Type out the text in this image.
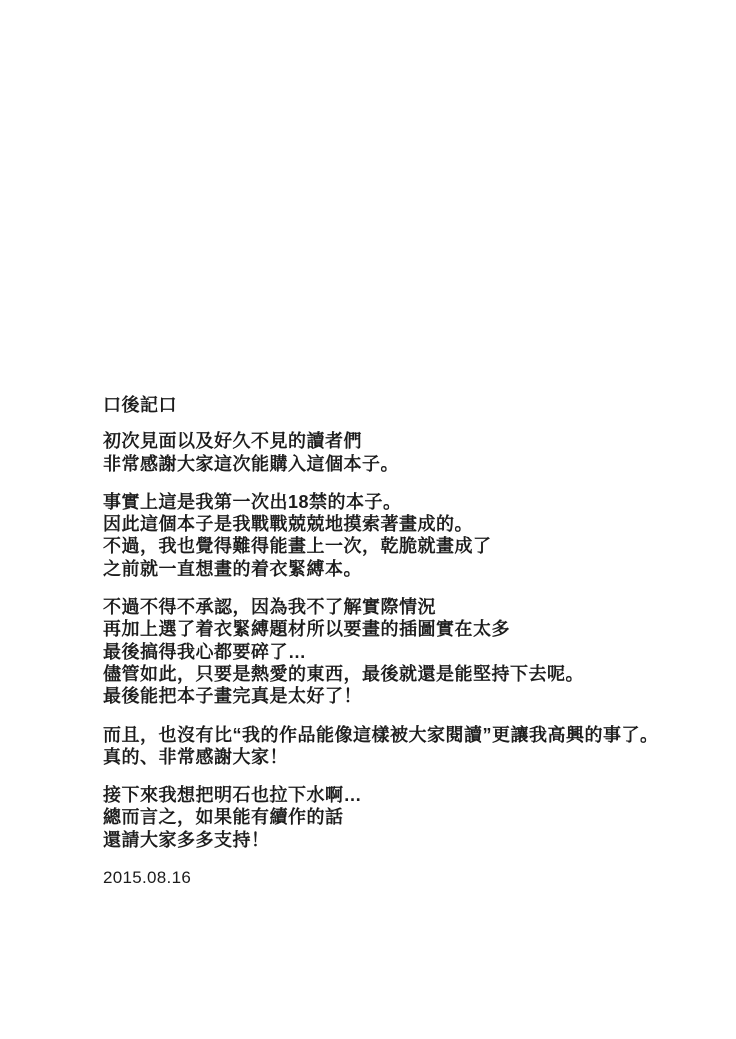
口後記口
初次見面以及好久不見的讀者們
非常感謝大家這次能購入這個本子。
事實上這是我第一次出18禁的本子。
因此這個本子是我戰戰兢兢地摸索著畫成的。
不過，我也覺得難得能畫上一次，乾脆就畫成了
之前就一直想畫的着衣緊縛本。
不過不得不承認，因為我不了解實際情況
再加上選了着衣緊縛題材所以要畫的插圖實在太多
最後搞得我心都要碎了…
儘管如此，只要是熱愛的東西，最後就還是能堅持下去呢。
最後能把本子畫完真是太好了！
而且，也沒有比“我的作品能像這樣被大家閱讀”更讓我高興的事了。
真的、非常感謝大家！
接下來我想把明石也拉下水啊…
總而言之，如果能有續作的話
還請大家多多支持！
2015.08.16
